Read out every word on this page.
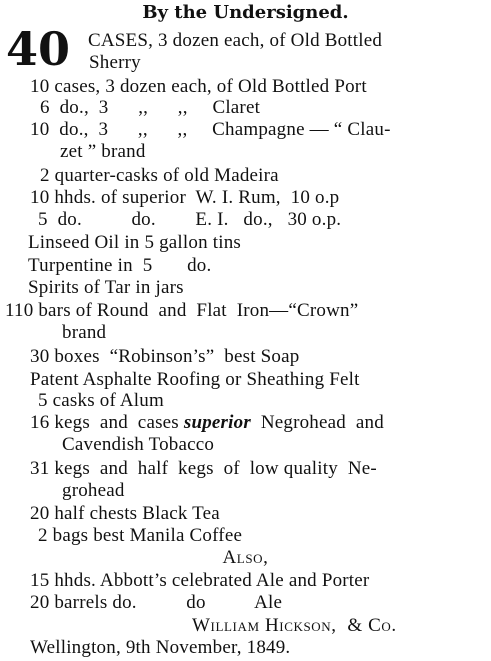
By the Undersigned.
40 CASES, 3 dozen each, of Old Bottled
Sherry
10 cases, 3 dozen each, of Old Bottled Port
6  do.,  3      ,,      ,,     Claret
10  do.,  3      ,,      ,,     Champagne — “ Clau-
zet ” brand
2 quarter-casks of old Madeira
10 hhds. of superior  W. I. Rum,  10 o.p
5  do.          do.        E. I.   do.,   30 o.p.
Linseed Oil in 5 gallon tins
Turpentine in  5       do.
Spirits of Tar in jars
110 bars of Round  and  Flat  Iron—“Crown”
brand
30 boxes  “Robinson’s”  best Soap
Patent Asphalte Roofing or Sheathing Felt
5 casks of Alum
16 kegs  and  cases superior  Negrohead  and
Cavendish Tobacco
31 kegs  and  half  kegs  of  low quality  Ne-
grohead
20 half chests Black Tea
2 bags best Manila Coffee
Also,
15 hhds. Abbott’s celebrated Ale and Porter
20 barrels do.          do          Ale
William Hickson,  & Co.
Wellington, 9th November, 1849.
